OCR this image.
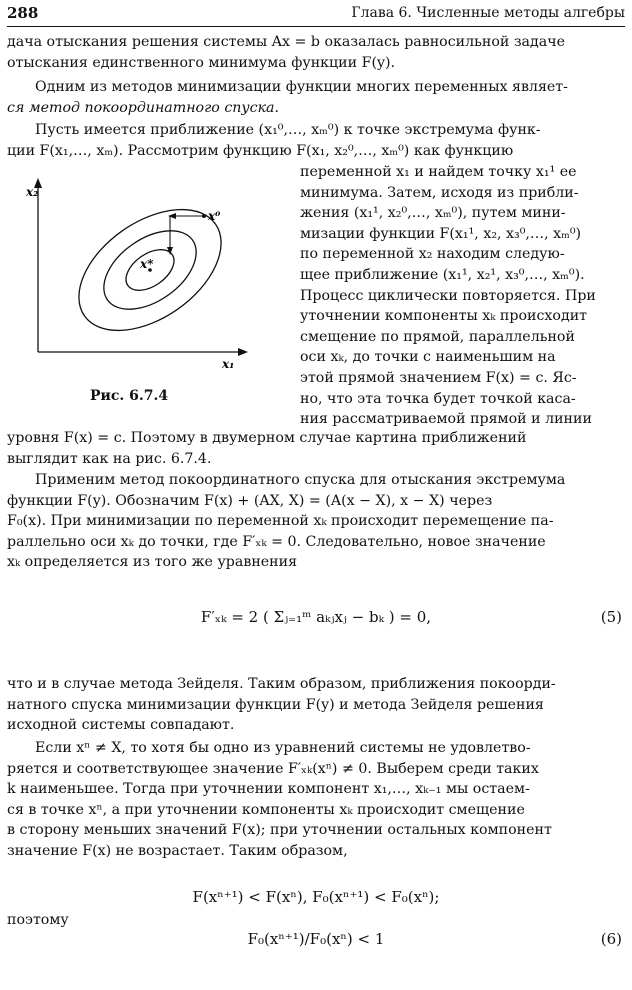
288	Глава 6. Численные методы алгебры
дача отыскания решения системы Ax = b оказалась равносильной задаче
отыскания единственного минимума функции F(y).
Одним из методов минимизации функции многих переменных являет-
ся метод покоординатного спуска.
Пусть имеется приближение (x₁⁰,…, xₘ⁰) к точке экстремума функ-
ции F(x₁,…, xₘ). Рассмотрим функцию F(x₁, x₂⁰,…, xₘ⁰) как функцию
переменной x₁ и найдем точку x₁¹ ее
минимума. Затем, исходя из прибли-
жения (x₁¹, x₂⁰,…, xₘ⁰), путем мини-
мизации функции F(x₁¹, x₂, x₃⁰,…, xₘ⁰)
по переменной x₂ находим следую-
щее приближение (x₁¹, x₂¹, x₃⁰,…, xₘ⁰).
Процесс циклически повторяется. При
уточнении компоненты xₖ происходит
смещение по прямой, параллельной
оси xₖ, до точки с наименьшим на
этой прямой значением F(x) = c. Яс-
но, что эта точка будет точкой каса-
ния рассматриваемой прямой и линии
x₂
x₁
x⁰
x*
Рис. 6.7.4
уровня F(x) = c. Поэтому в двумерном случае картина приближений
выглядит как на рис. 6.7.4.
Применим метод покоординатного спуска для отыскания экстремума
функции F(y). Обозначим F(x) + (AX, X) = (A(x − X), x − X) через
F₀(x). При минимизации по переменной xₖ происходит перемещение па-
раллельно оси xₖ до точки, где F′ₓₖ = 0. Следовательно, новое значение
xₖ определяется из того же уравнения
F′ₓₖ = 2 ( Σⱼ₌₁ᵐ aₖⱼxⱼ − bₖ ) = 0,	(5)
что и в случае метода Зейделя. Таким образом, приближения покоорди-
натного спуска минимизации функции F(y) и метода Зейделя решения
исходной системы совпадают.
Если xⁿ ≠ X, то хотя бы одно из уравнений системы не удовлетво-
ряется и соответствующее значение F′ₓₖ(xⁿ) ≠ 0. Выберем среди таких
k наименьшее. Тогда при уточнении компонент x₁,…, xₖ₋₁ мы остаем-
ся в точке xⁿ, а при уточнении компоненты xₖ происходит смещение
в сторону меньших значений F(x); при уточнении остальных компонент
значение F(x) не возрастает. Таким образом,
F(xⁿ⁺¹) < F(xⁿ), F₀(xⁿ⁺¹) < F₀(xⁿ);
поэтому
F₀(xⁿ⁺¹)/F₀(xⁿ) < 1	(6)
